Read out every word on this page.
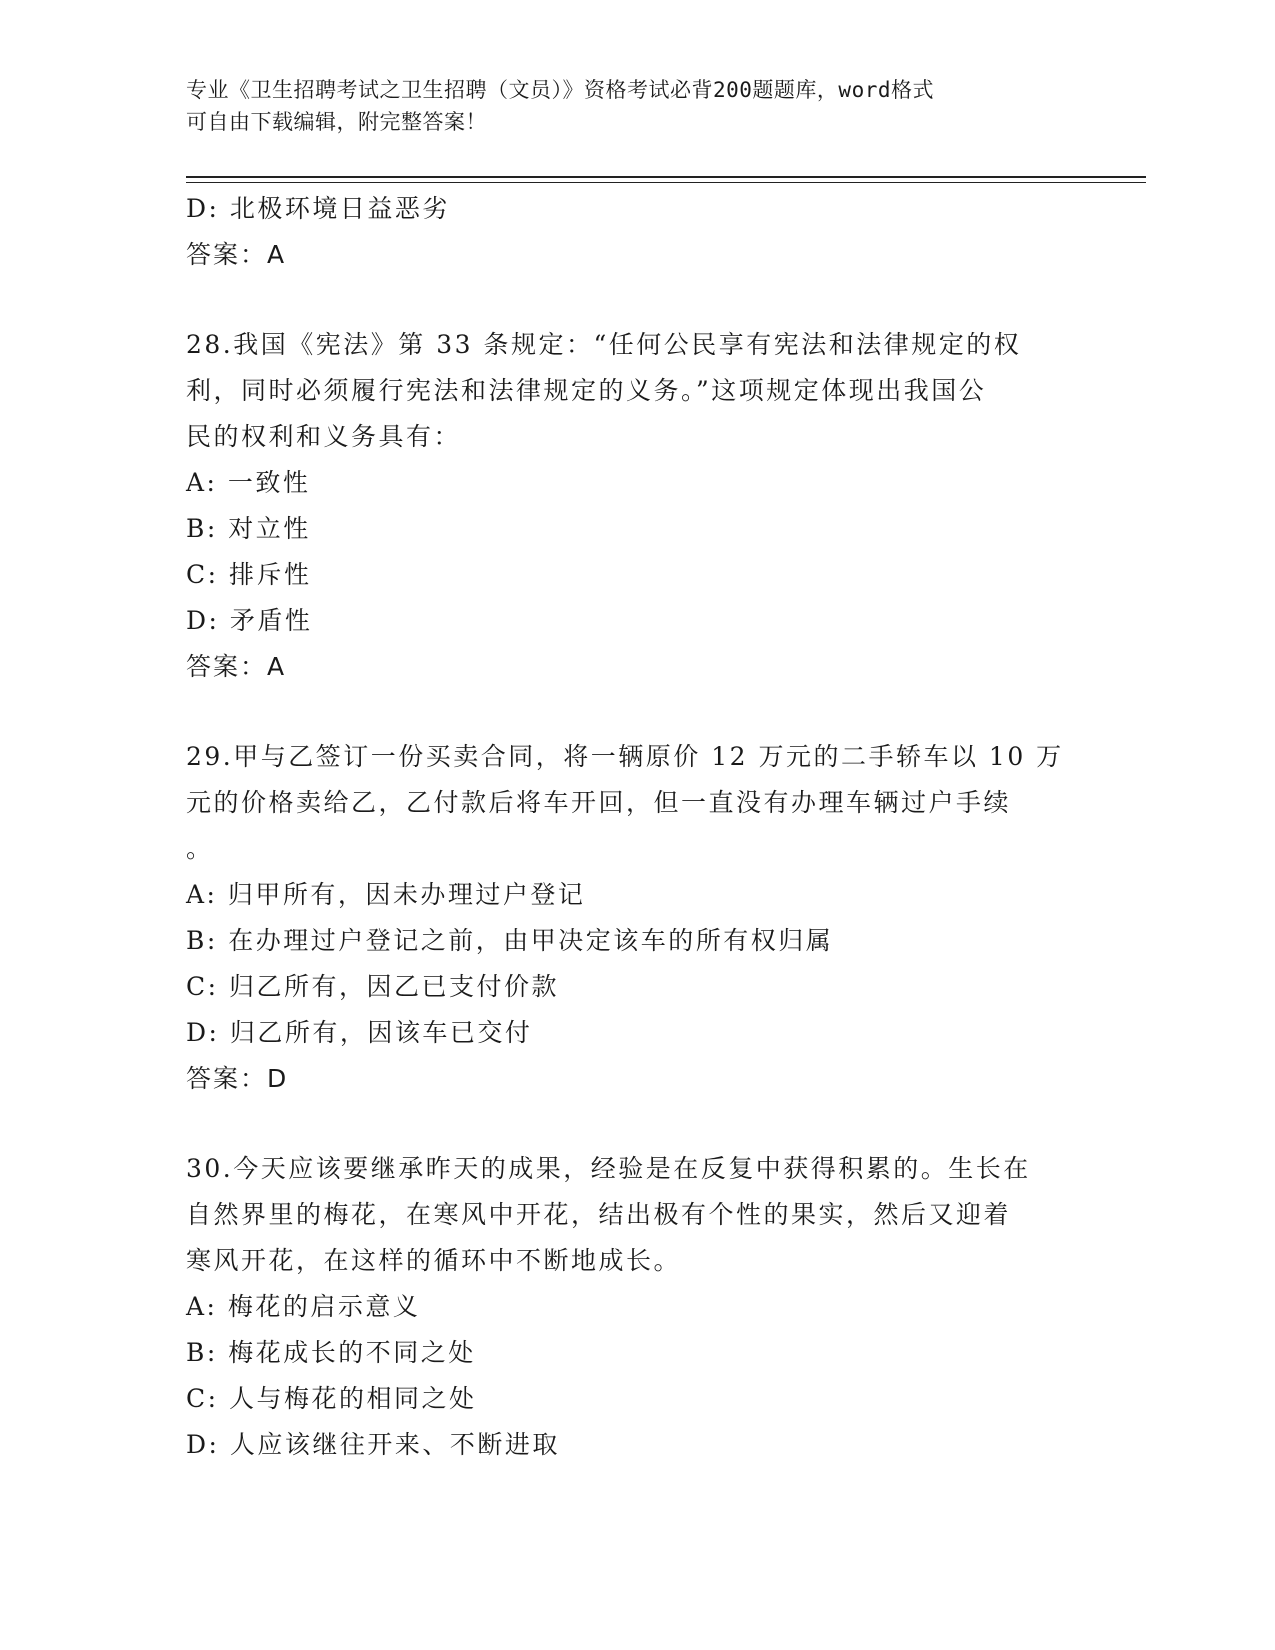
专业《卫生招聘考试之卫生招聘（文员）》资格考试必背200题题库，word格式
可自由下载编辑，附完整答案！
D: 北极环境日益恶劣
答案：A
28.我国《宪法》第 33 条规定：“任何公民享有宪法和法律规定的权
利，同时必须履行宪法和法律规定的义务。”这项规定体现出我国公
民的权利和义务具有：
A: 一致性
B: 对立性
C: 排斥性
D: 矛盾性
答案：A
29.甲与乙签订一份买卖合同，将一辆原价 12 万元的二手轿车以 10 万
元的价格卖给乙，乙付款后将车开回，但一直没有办理车辆过户手续
。
A: 归甲所有，因未办理过户登记
B: 在办理过户登记之前，由甲决定该车的所有权归属
C: 归乙所有，因乙已支付价款
D: 归乙所有，因该车已交付
答案：D
30.今天应该要继承昨天的成果，经验是在反复中获得积累的。生长在
自然界里的梅花，在寒风中开花，结出极有个性的果实，然后又迎着
寒风开花，在这样的循环中不断地成长。
A: 梅花的启示意义
B: 梅花成长的不同之处
C: 人与梅花的相同之处
D: 人应该继往开来、不断进取
